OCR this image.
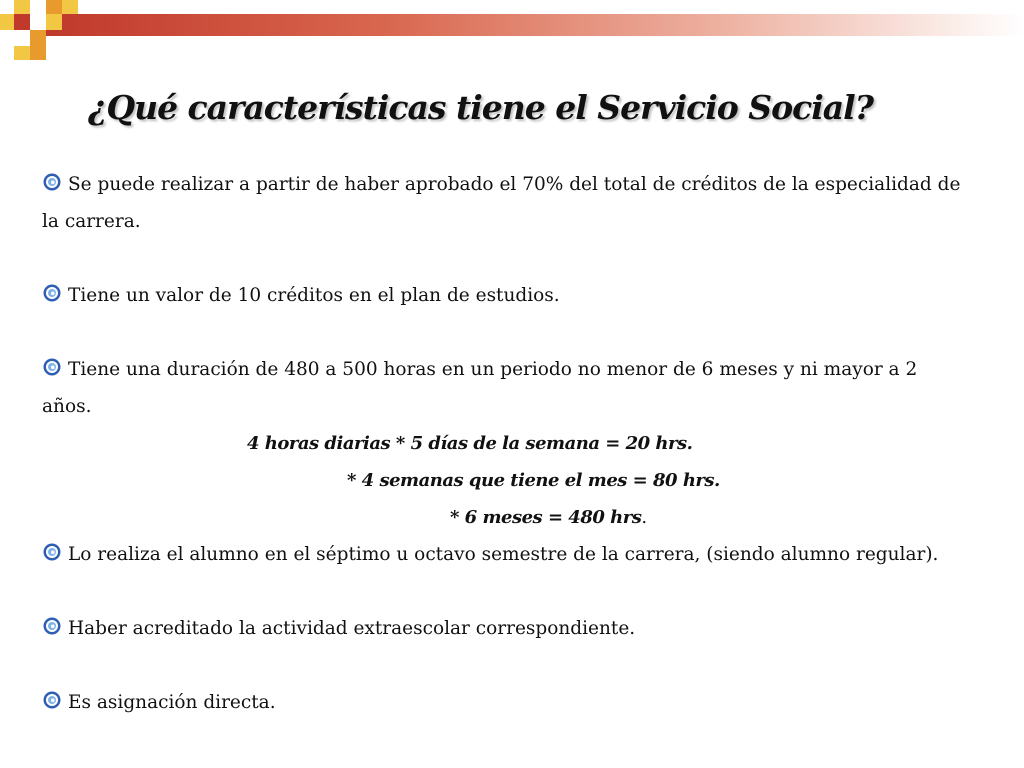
¿Qué características tiene el Servicio Social?

Se puede realizar a partir de haber aprobado el 70% del total de créditos de la especialidad de la carrera.

Tiene un valor de 10 créditos en el plan de estudios.

Tiene una duración de 480 a 500 horas en un periodo no menor de 6 meses y ni mayor a 2 años.

4 horas diarias * 5 días de la semana = 20 hrs.

* 4 semanas que tiene el mes = 80 hrs.

* 6 meses = 480 hrs.

Lo realiza el alumno en el séptimo u octavo semestre de la carrera, (siendo alumno regular).

Haber acreditado la actividad extraescolar correspondiente.

Es asignación directa.
